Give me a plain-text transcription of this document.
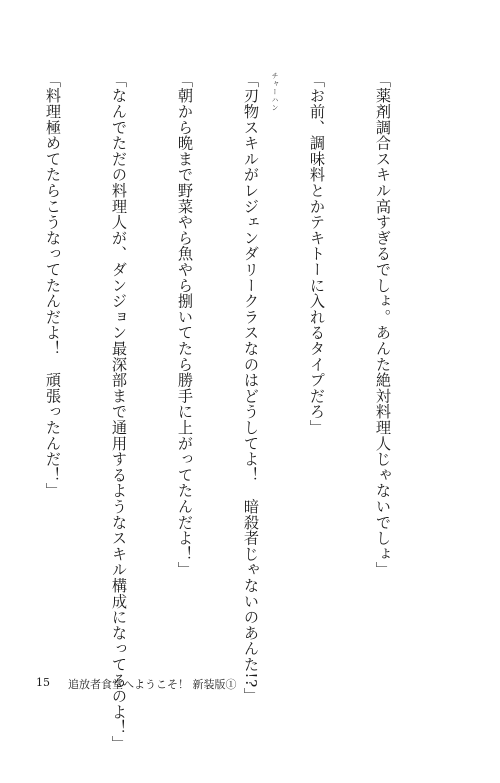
チャーハン

	「薬剤調合スキル高すぎるでしょ。あんた絶対料理人じゃないでしょ」

「お前、調味料とかテキトーに入れるタイプだろ」

「刃物スキルがレジェンダリークラスなのはどうしてよ！　暗殺者じゃないのあんた!?」

「朝から晩まで野菜やら魚やら捌いてたら勝手に上がってたんだよ！」

「なんでただの料理人が、ダンジョン最深部まで通用するようなスキル構成になってるのよ！」

「料理極めてたらこうなってたんだよ！　頑張ったんだ！」

15 追放者食堂へようこそ！ 新装版①
